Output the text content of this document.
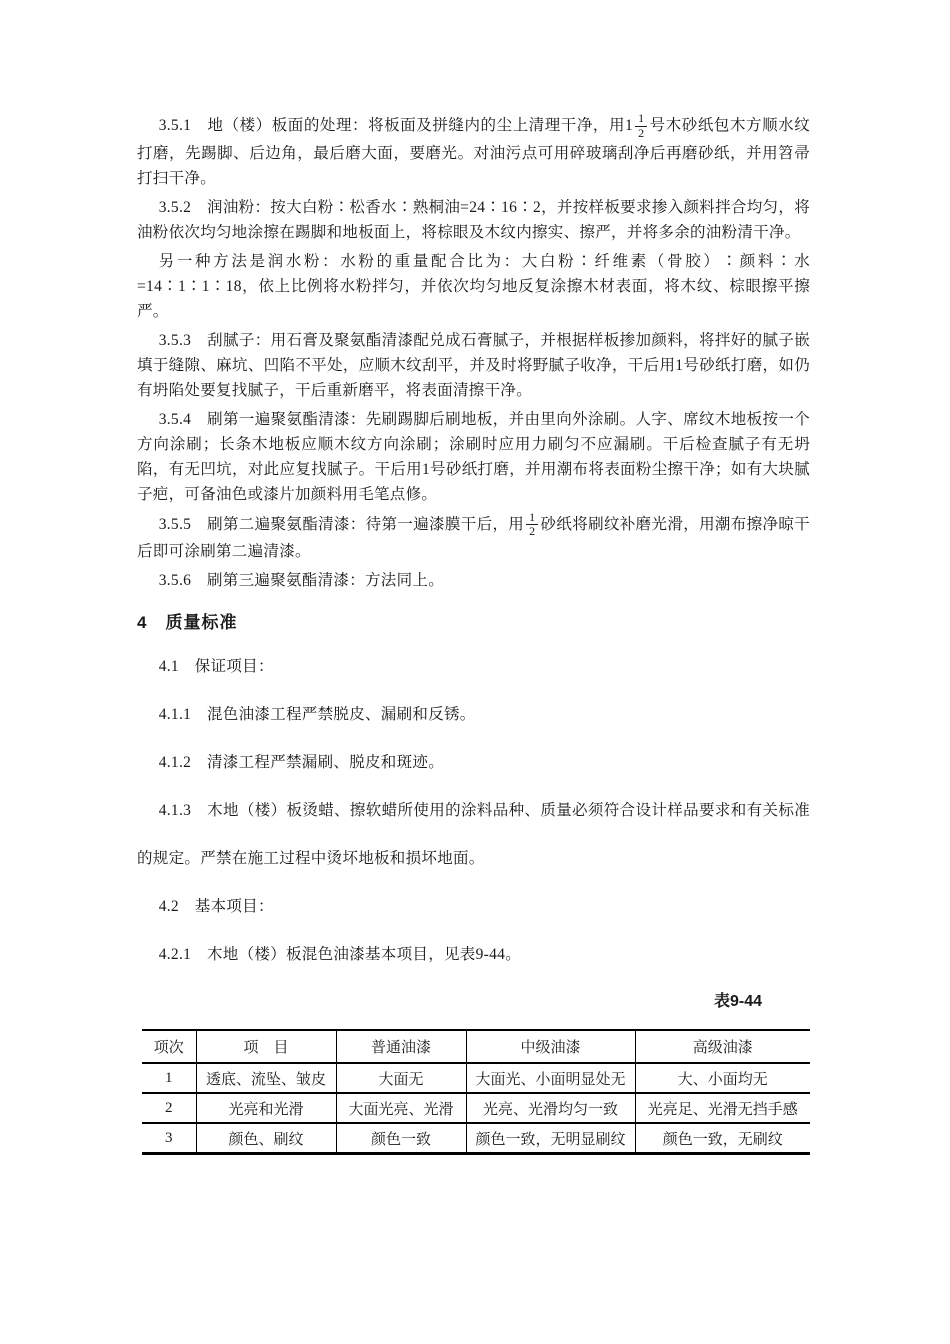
3.5.1　地（楼）板面的处理：将板面及拼缝内的尘上清理干净，用$1 \frac{1}{2}$ 号木砂纸包木方顺水纹打磨，先踢脚、后边角，最后磨大面，要磨光。对油污点可用碎玻璃刮净后再磨砂纸，并用笤帚打扫干净。

3.5.2　润油粉：按大白粉∶松香水∶熟桐油=24∶16∶2，并按样板要求掺入颜料拌合均匀，将油粉依次均匀地涂擦在踢脚和地板面上，将棕眼及木纹内擦实、擦严，并将多余的油粉清干净。

另一种方法是润水粉：水粉的重量配合比为：大白粉∶纤维素（骨胶）∶颜料∶水=14∶1∶1∶18，依上比例将水粉拌匀，并依次均匀地反复涂擦木材表面，将木纹、棕眼擦平擦严。

3.5.3　刮腻子：用石膏及聚氨酯清漆配兑成石膏腻子，并根据样板掺加颜料，将拌好的腻子嵌填于缝隙、麻坑、凹陷不平处，应顺木纹刮平，并及时将野腻子收净，干后用1号砂纸打磨，如仍有坍陷处要复找腻子，干后重新磨平，将表面清擦干净。

3.5.4　刷第一遍聚氨酯清漆：先刷踢脚后刷地板，并由里向外涂刷。人字、席纹木地板按一个方向涂刷；长条木地板应顺木纹方向涂刷；涂刷时应用力刷匀不应漏刷。干后检查腻子有无坍陷，有无凹坑，对此应复找腻子。干后用1号砂纸打磨，并用潮布将表面粉尘擦干净；如有大块腻子疤，可备油色或漆片加颜料用毛笔点修。

3.5.5　刷第二遍聚氨酯清漆：待第一遍漆膜干后，用 $\frac{1}{2}$ 砂纸将刷纹补磨光滑，用潮布擦净晾干后即可涂刷第二遍清漆。

3.5.6　刷第三遍聚氨酯清漆：方法同上。

4　质量标准

4.1　保证项目：

4.1.1　混色油漆工程严禁脱皮、漏刷和反锈。

4.1.2　清漆工程严禁漏刷、脱皮和斑迹。

4.1.3　木地（楼）板烫蜡、擦软蜡所使用的涂料品种、质量必须符合设计样品要求和有关标准的规定。严禁在施工过程中烫坏地板和损坏地面。

4.2　基本项目：

4.2.1　木地（楼）板混色油漆基本项目，见表9-44。

表9-44
项次	项　目	普通油漆	中级油漆	高级油漆
1	透底、流坠、皱皮	大面无	大面光、小面明显处无	大、小面均无
2	光亮和光滑	大面光亮、光滑	光亮、光滑均匀一致	光亮足、光滑无挡手感
3	颜色、刷纹	颜色一致	颜色一致，无明显刷纹	颜色一致，无刷纹
